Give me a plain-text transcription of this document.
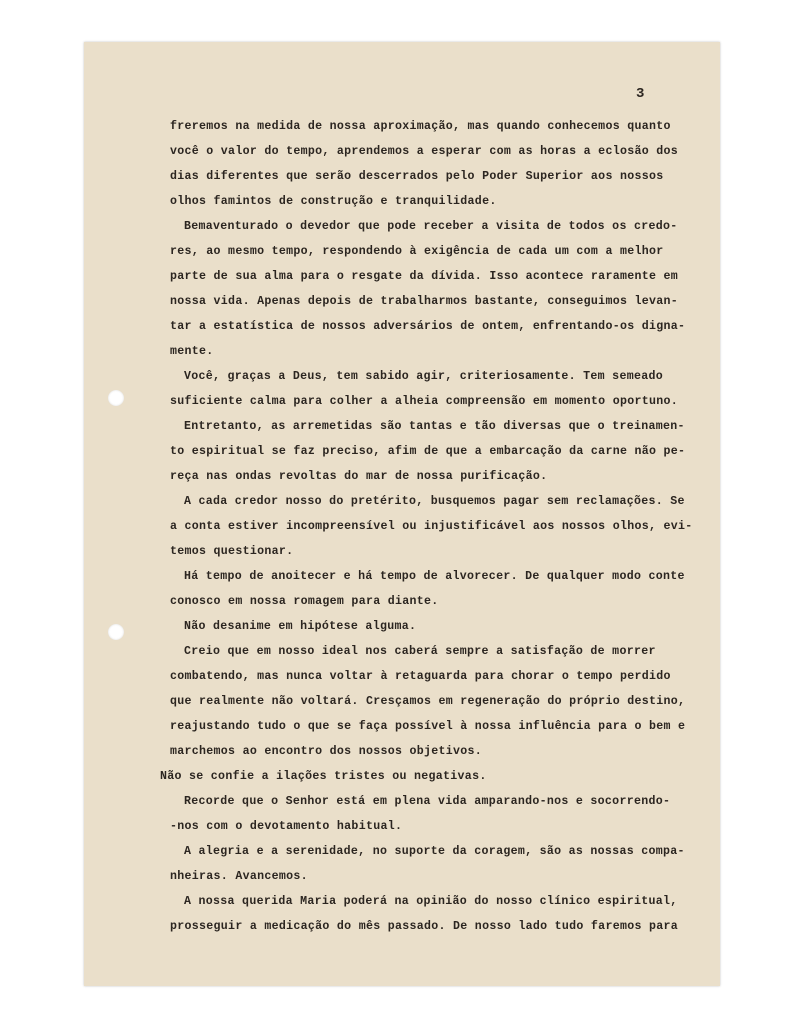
3
freremos na medida de nossa aproximação, mas quando conhecemos quanto
você o valor do tempo, aprendemos a esperar com as horas a eclosão dos
dias diferentes que serão descerrados pelo Poder Superior aos nossos
olhos famintos de construção e tranquilidade.
Bemaventurado o devedor que pode receber a visita de todos os credo-
res, ao mesmo tempo, respondendo à exigência de cada um com a melhor
parte de sua alma para o resgate da dívida. Isso acontece raramente em
nossa vida. Apenas depois de trabalharmos bastante, conseguimos levan-
tar a estatística de nossos adversários de ontem, enfrentando-os digna-
mente.
Você, graças a Deus, tem sabido agir, criteriosamente. Tem semeado
suficiente calma para colher a alheia compreensão em momento oportuno.
Entretanto, as arremetidas são tantas e tão diversas que o treinamen-
to espiritual se faz preciso, afim de que a embarcação da carne não pe-
reça nas ondas revoltas do mar de nossa purificação.
A cada credor nosso do pretérito, busquemos pagar sem reclamações. Se
a conta estiver incompreensível ou injustificável aos nossos olhos, evi-
temos questionar.
Há tempo de anoitecer e há tempo de alvorecer. De qualquer modo conte
conosco em nossa romagem para diante.
Não desanime em hipótese alguma.
Creio que em nosso ideal nos caberá sempre a satisfação de morrer
combatendo, mas nunca voltar à retaguarda para chorar o tempo perdido
que realmente não voltará. Cresçamos em regeneração do próprio destino,
reajustando tudo o que se faça possível à nossa influência para o bem e
marchemos ao encontro dos nossos objetivos.
Não se confie a ilações tristes ou negativas.
Recorde que o Senhor está em plena vida amparando-nos e socorrendo-
-nos com o devotamento habitual.
A alegria e a serenidade, no suporte da coragem, são as nossas compa-
nheiras. Avancemos.
A nossa querida Maria poderá na opinião do nosso clínico espiritual,
prosseguir a medicação do mês passado. De nosso lado tudo faremos para
